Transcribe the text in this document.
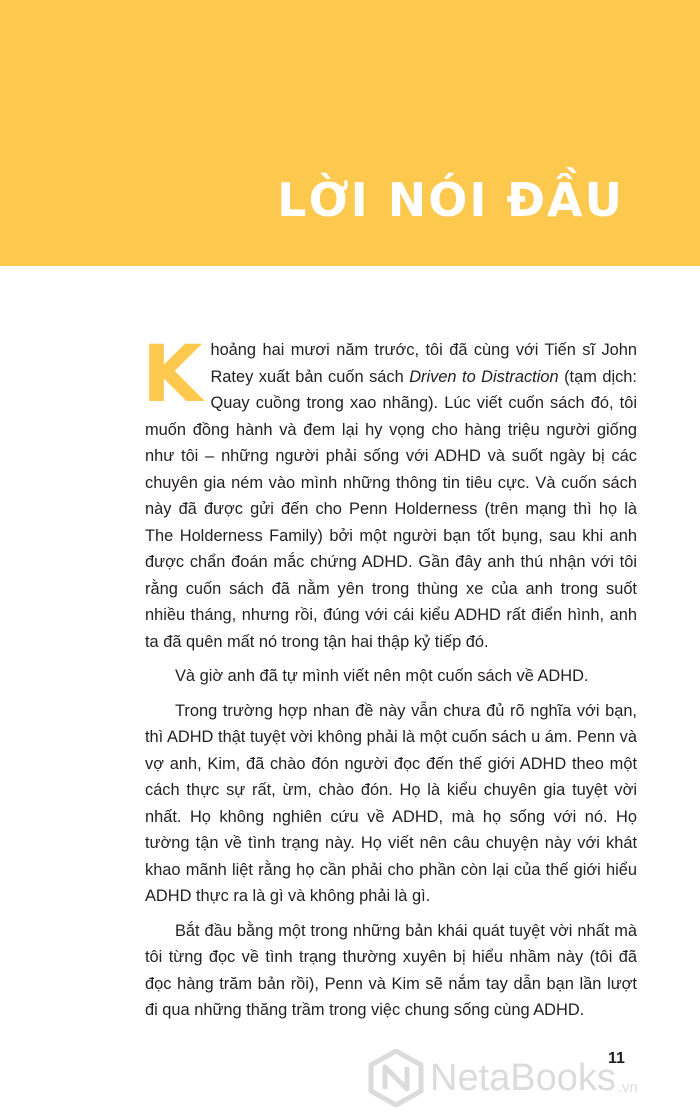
LỜI NÓI ĐẦU

Khoảng hai mươi năm trước, tôi đã cùng với Tiến sĩ John Ratey xuất bản cuốn sách Driven to Distraction (tạm dịch: Quay cuồng trong xao nhãng). Lúc viết cuốn sách đó, tôi muốn đồng hành và đem lại hy vọng cho hàng triệu người giống như tôi – những người phải sống với ADHD và suốt ngày bị các chuyên gia ném vào mình những thông tin tiêu cực. Và cuốn sách này đã được gửi đến cho Penn Holderness (trên mạng thì họ là The Holderness Family) bởi một người bạn tốt bụng, sau khi anh được chẩn đoán mắc chứng ADHD. Gần đây anh thú nhận với tôi rằng cuốn sách đã nằm yên trong thùng xe của anh trong suốt nhiều tháng, nhưng rồi, đúng với cái kiểu ADHD rất điển hình, anh ta đã quên mất nó trong tận hai thập kỷ tiếp đó.

Và giờ anh đã tự mình viết nên một cuốn sách về ADHD.

Trong trường hợp nhan đề này vẫn chưa đủ rõ nghĩa với bạn, thì ADHD thật tuyệt vời không phải là một cuốn sách u ám. Penn và vợ anh, Kim, đã chào đón người đọc đến thế giới ADHD theo một cách thực sự rất, ừm, chào đón. Họ là kiểu chuyên gia tuyệt vời nhất. Họ không nghiên cứu về ADHD, mà họ sống với nó. Họ tường tận về tình trạng này. Họ viết nên câu chuyện này với khát khao mãnh liệt rằng họ cần phải cho phần còn lại của thế giới hiểu ADHD thực ra là gì và không phải là gì.

Bắt đầu bằng một trong những bản khái quát tuyệt vời nhất mà tôi từng đọc về tình trạng thường xuyên bị hiểu nhầm này (tôi đã đọc hàng trăm bản rồi), Penn và Kim sẽ nắm tay dẫn bạn lần lượt đi qua những thăng trầm trong việc chung sống cùng ADHD.

11
NetaBooks .vn
